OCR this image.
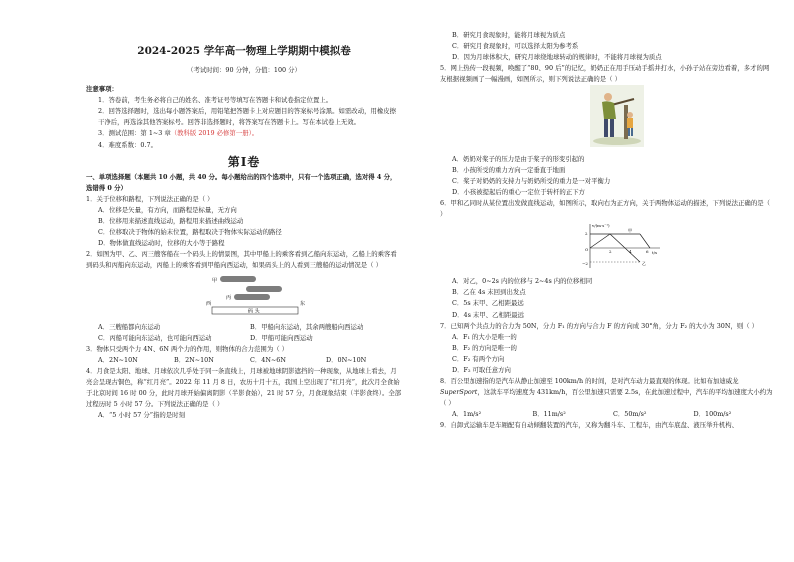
2024-2025 学年高一物理上学期期中模拟卷
（考试时间：90 分钟，分值：100 分）
注意事项：
1．答卷前，考生务必将自己的姓名、准考证号等填写在答题卡和试卷指定位置上。
2．回答选择题时，选出每小题答案后，用铅笔把答题卡上对应题目的答案标号涂黑。如需改动，用橡皮擦干净后，再选涂其他答案标号。回答非选择题时，将答案写在答题卡上。写在本试卷上无效。
3．测试范围：第 1~3 章（教科版 2019 必修第一册）。
4．难度系数：0.7。
第Ⅰ卷
一、单项选择题（本题共 10 小题，共 40 分。每小题给出的四个选项中，只有一个选项正确，选对得 4 分，选错得 0 分）
1．关于位移和路程，下列说法正确的是（ ）
A．位移是矢量，有方向，而路程是标量，无方向
B．位移用来描述直线运动，路程用来描述曲线运动
C．位移取决于物体的始末位置，路程取决于物体实际运动的路径
D．物体做直线运动时，位移的大小等于路程
2．如图为甲、乙、丙三艘客船在一个码头上的情景图，其中甲船上的乘客看到乙船向东运动，乙船上的乘客看到码头和丙船向东运动，丙船上的乘客看到甲船向西运动，如果码头上的人看到三艘船的运动情况是（ ）
甲
丙
西	东
码 头
A．三艘船都向东运动	B．甲船向东运动，其余两艘船向西运动
C．丙船可能向东运动，也可能向西运动	D．甲船可能向西运动
3．物体只受两个力 4N、6N 两个力的作用，则物体的合力范围为（ ）
A．2N~10N	B．2N~10N	C．4N~6N	D．0N~10N
4．月食是太阳、地球、月球依次几乎处于同一条直线上，月球被地球阴影遮挡的一种现象，从地球上看去，月亮会呈现古铜色，称“红月亮”。2022 年 11 月 8 日，农历十月十五，我国上空出现了“红月亮”，此次月全食始于北京时间 16 时 00 分，此时月球开始偏离阴影（半影食始），21 时 57 分，月食现象结束（半影食终）。全部过程历时 5 小时 57 分。下列说法正确的是（ ）
A．“5 小时 57 分”指的是时刻
B．研究月食现象时，能将月球视为质点
C．研究月食现象时，可以选择太阳为参考系
D．因为月球体积大，研究月球绕地球转动的规律时，不能将月球视为质点
5．网上热传一段视频，唤醒了“80、90 后”的记忆，奶奶正在用手压动手摇井打水，小孙子站在旁边看着，多才的网友根据视频画了一幅漫画，如图所示，则下列说法正确的是（ ）
A．奶奶对桨子的压力是由于桨子的形变引起的
B．小孩所受的重力方向一定垂直于地面
C．桨子对奶奶的支持力与奶奶所受的重力是一对平衡力
D．小孩被提起后的重心一定位于转杆的正下方
6．甲和乙同时从某位置出发做直线运动，如图所示，取向右为正方向，关于两物体运动的描述，下列说法正确的是（ ）
v/(m·s⁻¹)
t/s
O
2
−2
甲
乙
2	4	6
A．对乙，0~2s 内的位移与 2~4s 内的位移相同
B．乙在 4s 末回到出发点
C．5s 末甲、乙相距最远
D．4s 末甲、乙相距最远
7．已知两个共点力的合力为 50N，分力 F₁ 的方向与合力 F 的方向成 30°角，分力 F₂ 的大小为 30N，则（ ）
A．F₁ 的大小是唯一的
B．F₂ 的方向是唯一的
C．F₂ 有两个方向
D．F₂ 可取任意方向
8．百公里加速指的是汽车从静止加速至 100km/h 的时间，是对汽车动力最直观的体现。比如布加迪威龙SuperSport，这款车平均速度为 431km/h，百公里加速只需要 2.5s，在此加速过程中，汽车的平均加速度大小约为（ ）
A．1m/s²	B．11m/s²	C．50m/s²	D．100m/s²
9．自卸式运输车是车厢配有自动倾翻装置的汽车，又称为翻斗车、工程车，由汽车底盘、液压举升机构、
